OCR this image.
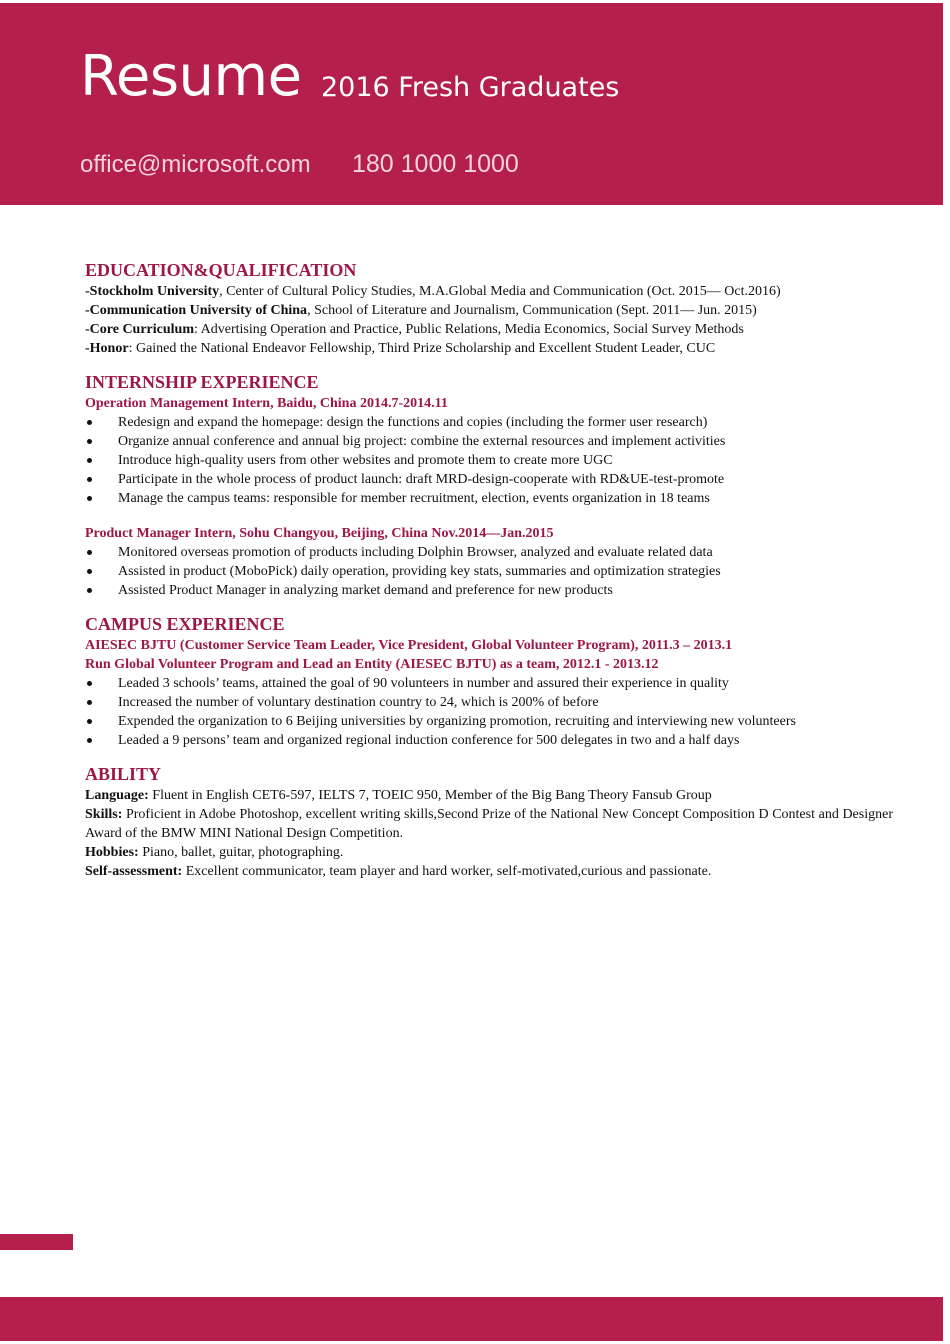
Resume 2016 Fresh Graduates
office@microsoft.com 180 1000 1000
EDUCATION&QUALIFICATION

-Stockholm University, Center of Cultural Policy Studies, M.A.Global Media and Communication (Oct. 2015— Oct.2016)

-Communication University of China, School of Literature and Journalism, Communication (Sept. 2011— Jun. 2015)

-Core Curriculum: Advertising Operation and Practice, Public Relations, Media Economics, Social Survey Methods

-Honor: Gained the National Endeavor Fellowship, Third Prize Scholarship and Excellent Student Leader, CUC

INTERNSHIP EXPERIENCE
Operation Management Intern, Baidu, China 2014.7-2014.11
Redesign and expand the homepage: design the functions and copies (including the former user research)
Organize annual conference and annual big project: combine the external resources and implement activities
Introduce high-quality users from other websites and promote them to create more UGC
Participate in the whole process of product launch: draft MRD-design-cooperate with RD&UE-test-promote
Manage the campus teams: responsible for member recruitment, election, events organization in 18 teams
Product Manager Intern, Sohu Changyou, Beijing, China Nov.2014—Jan.2015
Monitored overseas promotion of products including Dolphin Browser, analyzed and evaluate related data
Assisted in product (MoboPick) daily operation, providing key stats, summaries and optimization strategies
Assisted Product Manager in analyzing market demand and preference for new products
CAMPUS EXPERIENCE
AIESEC BJTU (Customer Service Team Leader, Vice President, Global Volunteer Program), 2011.3 – 2013.1
Run Global Volunteer Program and Lead an Entity (AIESEC BJTU) as a team, 2012.1 - 2013.12
Leaded 3 schools’ teams, attained the goal of 90 volunteers in number and assured their experience in quality
Increased the number of voluntary destination country to 24, which is 200% of before
Expended the organization to 6 Beijing universities by organizing promotion, recruiting and interviewing new volunteers
Leaded a 9 persons’ team and organized regional induction conference for 500 delegates in two and a half days
ABILITY

Language: Fluent in English CET6-597, IELTS 7, TOEIC 950, Member of the Big Bang Theory Fansub Group

Skills: Proficient in Adobe Photoshop, excellent writing skills,Second Prize of the National New Concept Composition D Contest and Designer Award of the BMW MINI National Design Competition.

Hobbies: Piano, ballet, guitar, photographing.

Self-assessment: Excellent communicator, team player and hard worker, self-motivated,curious and passionate.
